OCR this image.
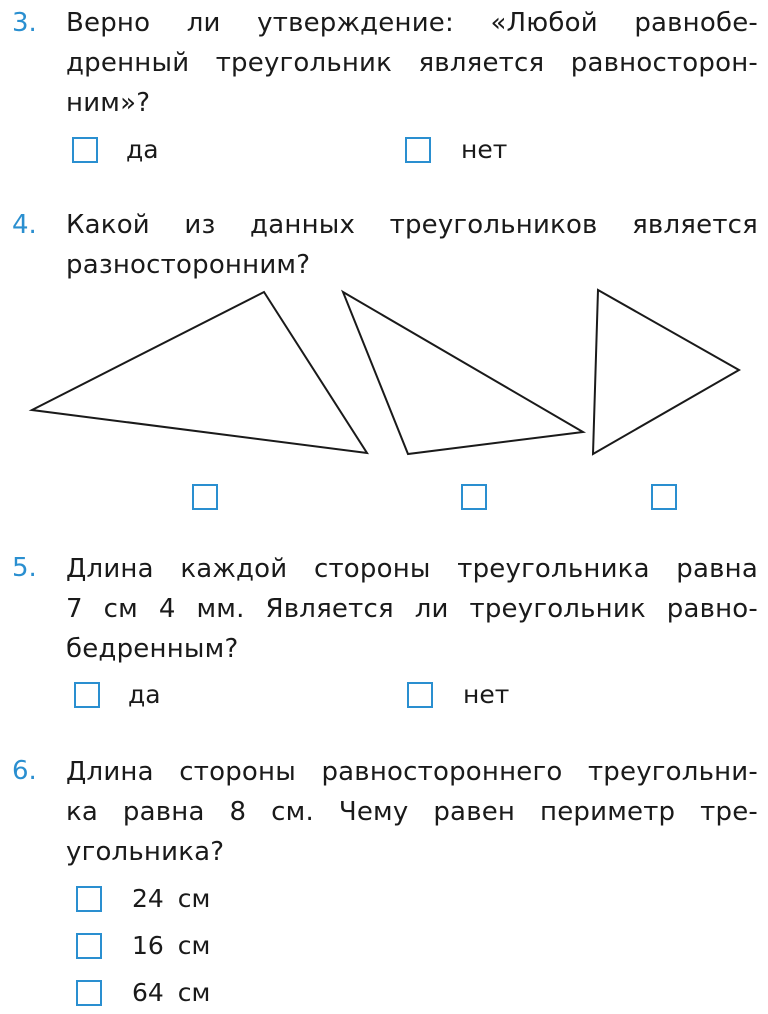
3. Верно ли утверждение: «Любой равнобе-
дренный треугольник является равносторон-
ним»?
да	нет
4. Какой из данных треугольников является
разносторонним?
5. Длина каждой стороны треугольника равна
7 см 4 мм. Является ли треугольник равно-
бедренным?
да	нет
6. Длина стороны равностороннего треугольни-
ка равна 8 см. Чему равен периметр тре-
угольника?
24 см
16 см
64 см
